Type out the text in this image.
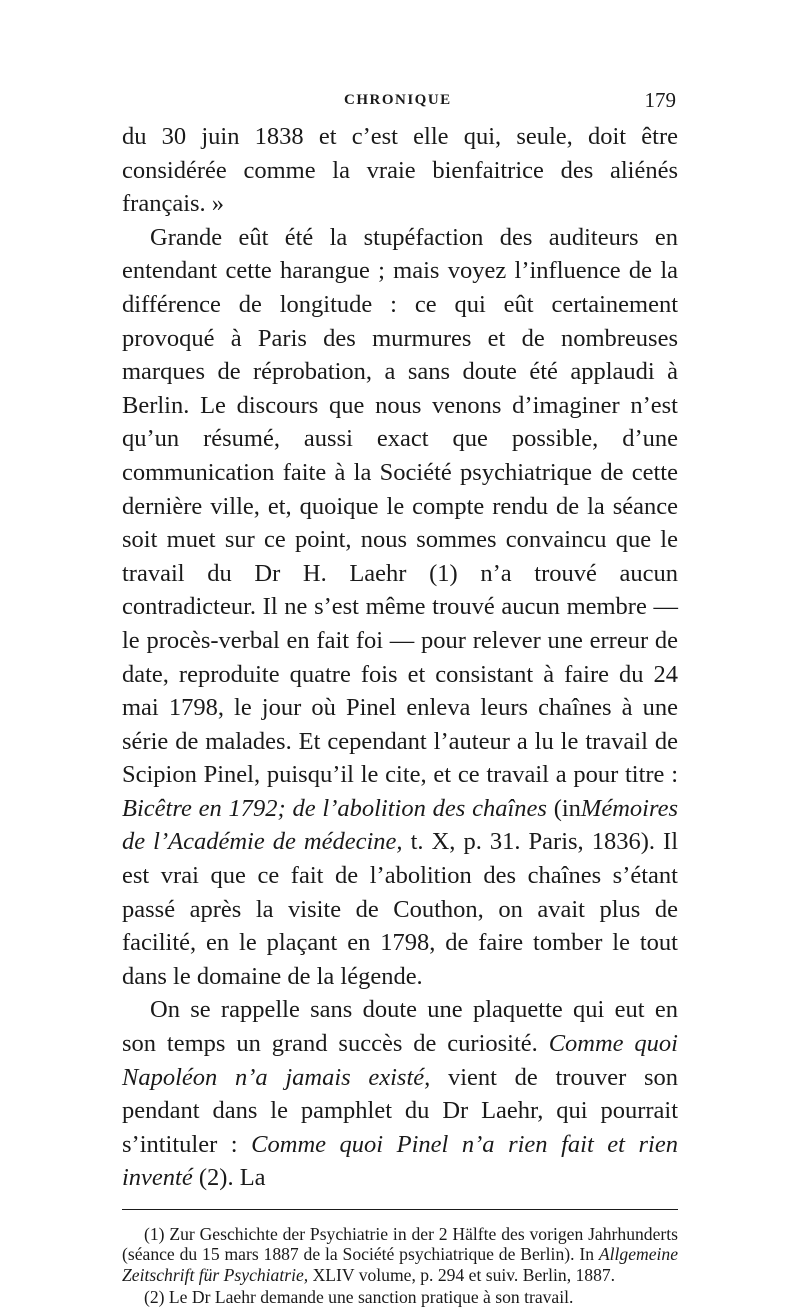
CHRONIQUE	179

du 30 juin 1838 et c’est elle qui, seule, doit être considérée comme la vraie bienfaitrice des aliénés français. »

Grande eût été la stupéfaction des auditeurs en entendant cette harangue ; mais voyez l’influence de la différence de longitude : ce qui eût certainement provoqué à Paris des murmures et de nombreuses marques de réprobation, a sans doute été applaudi à Berlin. Le discours que nous venons d’imaginer n’est qu’un résumé, aussi exact que possible, d’une communication faite à la Société psychiatrique de cette dernière ville, et, quoique le compte rendu de la séance soit muet sur ce point, nous sommes convaincu que le travail du Dr H. Laehr (1) n’a trouvé aucun contradicteur. Il ne s’est même trouvé aucun membre — le procès-verbal en fait foi — pour relever une erreur de date, reproduite quatre fois et consistant à faire du 24 mai 1798, le jour où Pinel enleva leurs chaînes à une série de malades. Et cependant l’auteur a lu le travail de Scipion Pinel, puisqu’il le cite, et ce travail a pour titre : Bicêtre en 1792; de l’abolition des chaînes (inMémoires de l’Académie de médecine, t. X, p. 31. Paris, 1836). Il est vrai que ce fait de l’abolition des chaînes s’étant passé après la visite de Couthon, on avait plus de facilité, en le plaçant en 1798, de faire tomber le tout dans le domaine de la légende.

On se rappelle sans doute une plaquette qui eut en son temps un grand succès de curiosité. Comme quoi Napoléon n’a jamais existé, vient de trouver son pendant dans le pamphlet du Dr Laehr, qui pourrait s’intituler : Comme quoi Pinel n’a rien fait et rien inventé (2). La

(1) Zur Geschichte der Psychiatrie in der 2 Hälfte des vorigen Jahrhunderts (séance du 15 mars 1887 de la Société psychiatrique de Berlin). In Allgemeine Zeitschrift für Psychiatrie, XLIV volume, p. 294 et suiv. Berlin, 1887.

(2) Le Dr Laehr demande une sanction pratique à son travail.
